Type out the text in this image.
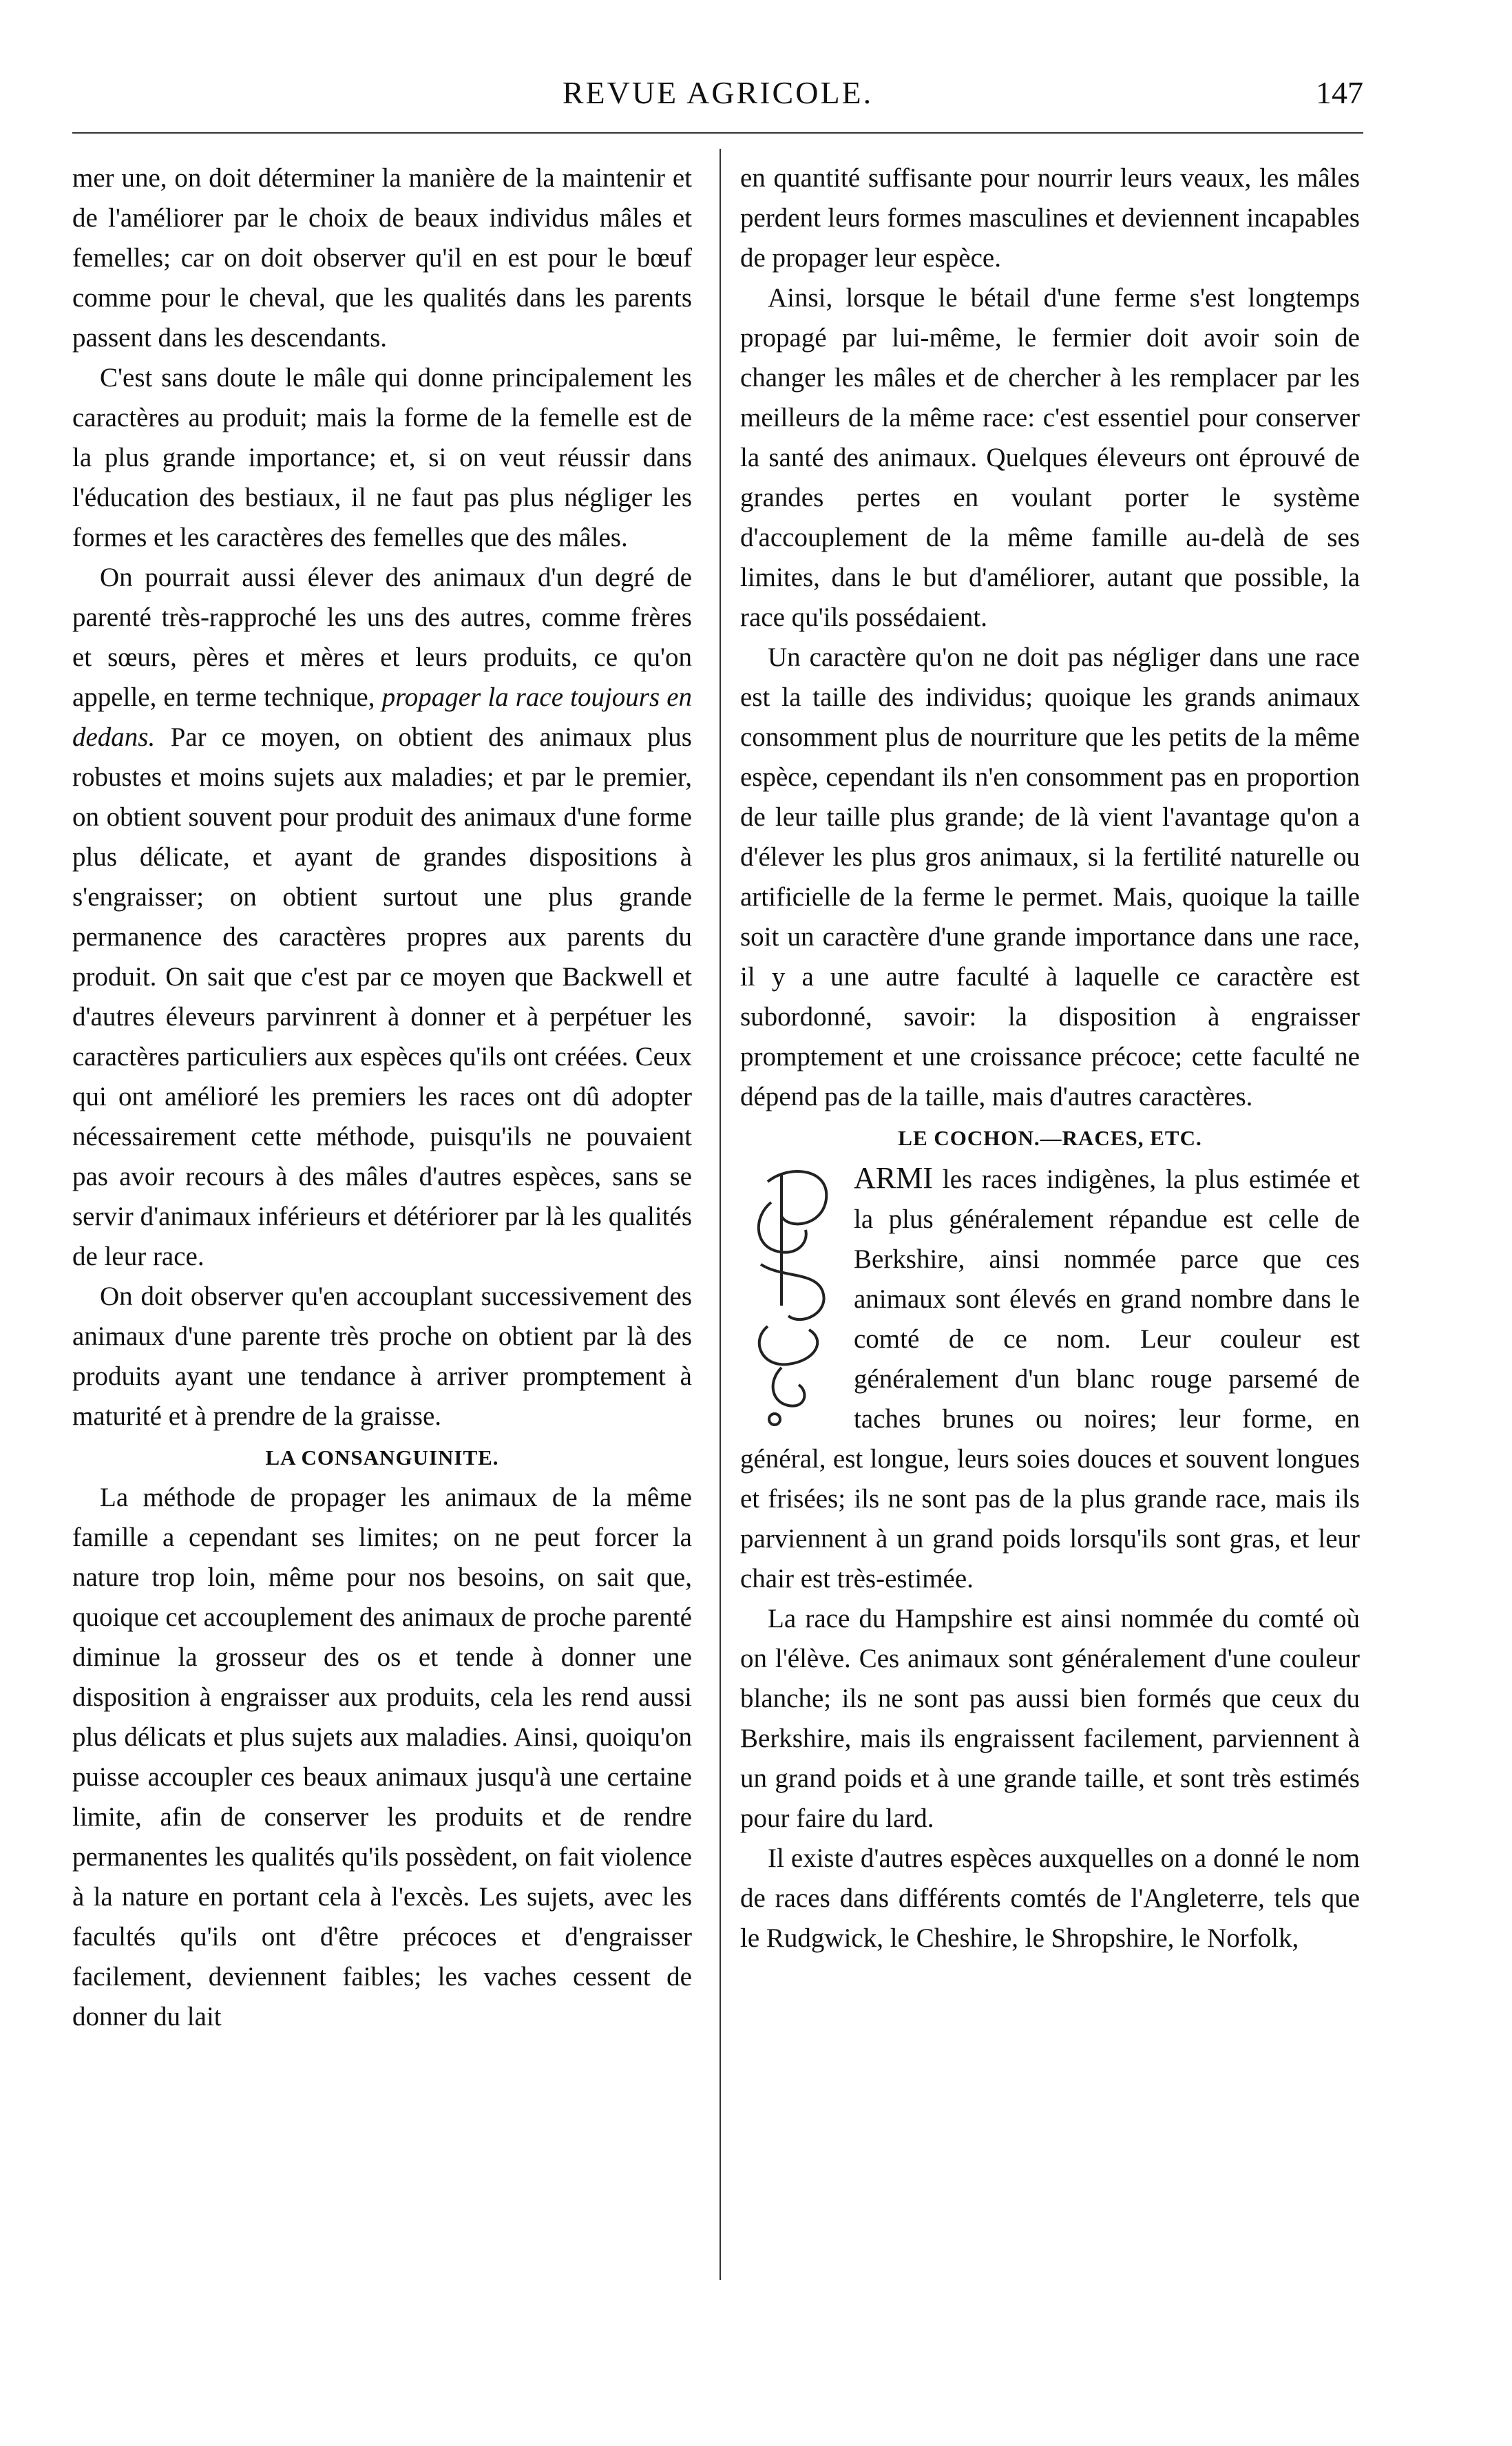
REVUE AGRICOLE.	147

mer une, on doit déterminer la manière de la maintenir et de l'améliorer par le choix de beaux individus mâles et femelles; car on doit observer qu'il en est pour le bœuf comme pour le cheval, que les qualités dans les parents passent dans les descendants.

C'est sans doute le mâle qui donne principalement les caractères au produit; mais la forme de la femelle est de la plus grande importance; et, si on veut réussir dans l'éducation des bestiaux, il ne faut pas plus négliger les formes et les caractères des femelles que des mâles.

On pourrait aussi élever des animaux d'un degré de parenté très-rapproché les uns des autres, comme frères et sœurs, pères et mères et leurs produits, ce qu'on appelle, en terme technique, propager la race toujours en dedans. Par ce moyen, on obtient des animaux plus robustes et moins sujets aux maladies; et par le premier, on obtient souvent pour produit des animaux d'une forme plus délicate, et ayant de grandes dispositions à s'engraisser; on obtient surtout une plus grande permanence des caractères propres aux parents du produit. On sait que c'est par ce moyen que Backwell et d'autres éleveurs parvinrent à donner et à perpétuer les caractères particuliers aux espèces qu'ils ont créées. Ceux qui ont amélioré les premiers les races ont dû adopter nécessairement cette méthode, puisqu'ils ne pouvaient pas avoir recours à des mâles d'autres espèces, sans se servir d'animaux inférieurs et détériorer par là les qualités de leur race.

On doit observer qu'en accouplant successivement des animaux d'une parente très proche on obtient par là des produits ayant une tendance à arriver promptement à maturité et à prendre de la graisse.

LA CONSANGUINITE.

La méthode de propager les animaux de la même famille a cependant ses limites; on ne peut forcer la nature trop loin, même pour nos besoins, on sait que, quoique cet accouplement des animaux de proche parenté diminue la grosseur des os et tende à donner une disposition à engraisser aux produits, cela les rend aussi plus délicats et plus sujets aux maladies. Ainsi, quoiqu'on puisse accoupler ces beaux animaux jusqu'à une certaine limite, afin de conserver les produits et de rendre permanentes les qualités qu'ils possèdent, on fait violence à la nature en portant cela à l'excès. Les sujets, avec les facultés qu'ils ont d'être précoces et d'engraisser facilement, deviennent faibles; les vaches cessent de donner du lait

en quantité suffisante pour nourrir leurs veaux, les mâles perdent leurs formes masculines et deviennent incapables de propager leur espèce.

Ainsi, lorsque le bétail d'une ferme s'est longtemps propagé par lui-même, le fermier doit avoir soin de changer les mâles et de chercher à les remplacer par les meilleurs de la même race: c'est essentiel pour conserver la santé des animaux. Quelques éleveurs ont éprouvé de grandes pertes en voulant porter le système d'accouplement de la même famille au-delà de ses limites, dans le but d'améliorer, autant que possible, la race qu'ils possédaient.

Un caractère qu'on ne doit pas négliger dans une race est la taille des individus; quoique les grands animaux consomment plus de nourriture que les petits de la même espèce, cependant ils n'en consomment pas en proportion de leur taille plus grande; de là vient l'avantage qu'on a d'élever les plus gros animaux, si la fertilité naturelle ou artificielle de la ferme le permet. Mais, quoique la taille soit un caractère d'une grande importance dans une race, il y a une autre faculté à laquelle ce caractère est subordonné, savoir: la disposition à engraisser promptement et une croissance précoce; cette faculté ne dépend pas de la taille, mais d'autres caractères.

LE COCHON.—RACES, ETC.

ARMI les races indigènes, la plus estimée et la plus généralement répandue est celle de Berkshire, ainsi nommée parce que ces animaux sont élevés en grand nombre dans le comté de ce nom. Leur couleur est généralement d'un blanc rouge parsemé de taches brunes ou noires; leur forme, en général, est longue, leurs soies douces et souvent longues et frisées; ils ne sont pas de la plus grande race, mais ils parviennent à un grand poids lorsqu'ils sont gras, et leur chair est très-estimée.

La race du Hampshire est ainsi nommée du comté où on l'élève. Ces animaux sont généralement d'une couleur blanche; ils ne sont pas aussi bien formés que ceux du Berkshire, mais ils engraissent facilement, parviennent à un grand poids et à une grande taille, et sont très estimés pour faire du lard.

Il existe d'autres espèces auxquelles on a donné le nom de races dans différents comtés de l'Angleterre, tels que le Rudgwick, le Cheshire, le Shropshire, le Norfolk,
